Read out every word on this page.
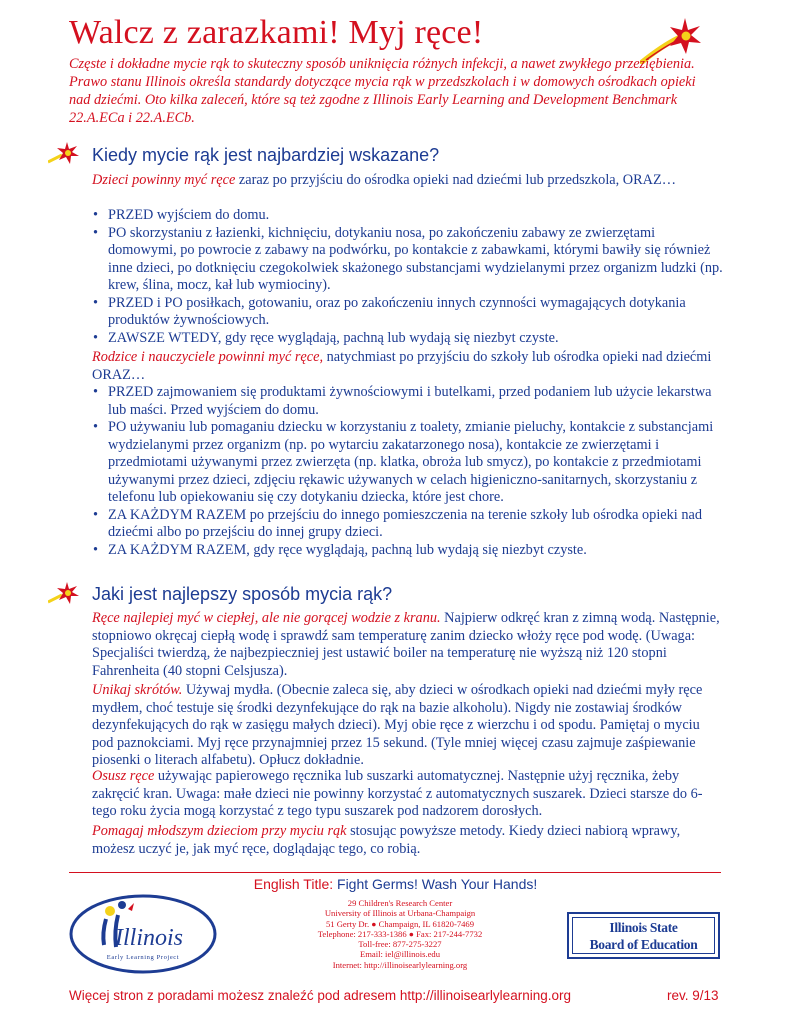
Walcz z zarazkami! Myj ręce!

Częste i dokładne mycie rąk to skuteczny sposób uniknięcia różnych infekcji, a nawet zwykłego przeziębienia. Prawo stanu Illinois określa standardy dotyczące mycia rąk w przedszkolach i w domowych ośrodkach opieki nad dziećmi. Oto kilka zaleceń, które są też zgodne z Illinois Early Learning and Development Benchmark 22.A.ECa i 22.A.ECb.

Kiedy mycie rąk jest najbardziej wskazane?

Dzieci powinny myć ręce zaraz po przyjściu do ośrodka opieki nad dziećmi lub przedszkola, ORAZ…

• PRZED wyjściem do domu.
• PO skorzystaniu z łazienki, kichnięciu, dotykaniu nosa, po zakończeniu zabawy ze zwierzętami domowymi, po powrocie z zabawy na podwórku, po kontakcie z zabawkami, którymi bawiły się również inne dzieci, po dotknięciu czegokolwiek skażonego substancjami wydzielanymi przez organizm ludzki (np. krew, ślina, mocz, kał lub wymiociny).
• PRZED i PO posiłkach, gotowaniu, oraz po zakończeniu innych czynności wymagających dotykania produktów żywnościowych.
• ZAWSZE WTEDY, gdy ręce wyglądają, pachną lub wydają się niezbyt czyste.

Rodzice i nauczyciele powinni myć ręce, natychmiast po przyjściu do szkoły lub ośrodka opieki nad dziećmi ORAZ…

• PRZED zajmowaniem się produktami żywnościowymi i butelkami, przed podaniem lub użycie lekarstwa lub maści. Przed wyjściem do domu.
• PO używaniu lub pomaganiu dziecku w korzystaniu z toalety, zmianie pieluchy, kontakcie z substancjami wydzielanymi przez organizm (np. po wytarciu zakatarzonego nosa), kontakcie ze zwierzętami i przedmiotami używanymi przez zwierzęta (np. klatka, obroża lub smycz), po kontakcie z przedmiotami używanymi przez dzieci, zdjęciu rękawic używanych w celach higieniczno-sanitarnych, skorzystaniu z telefonu lub opiekowaniu się czy dotykaniu dziecka, które jest chore.
• ZA KAŻDYM RAZEM po przejściu do innego pomieszczenia na terenie szkoły lub ośrodka opieki nad dziećmi albo po przejściu do innej grupy dzieci.
• ZA KAŻDYM RAZEM, gdy ręce wyglądają, pachną lub wydają się niezbyt czyste.
Jaki jest najlepszy sposób mycia rąk?

Ręce najlepiej myć w ciepłej, ale nie gorącej wodzie z kranu. Najpierw odkręć kran z zimną wodą. Następnie, stopniowo okręcaj ciepłą wodę i sprawdź sam temperaturę zanim dziecko włoży ręce pod wodę. (Uwaga: Specjaliści twierdzą, że najbezpieczniej jest ustawić boiler na temperaturę nie wyższą niż 120 stopni Fahrenheita (40 stopni Celsjusza).

Unikaj skrótów. Używaj mydła. (Obecnie zaleca się, aby dzieci w ośrodkach opieki nad dziećmi myły ręce mydłem, choć testuje się środki dezynfekujące do rąk na bazie alkoholu). Nigdy nie zostawiaj środków dezynfekujących do rąk w zasięgu małych dzieci). Myj obie ręce z wierzchu i od spodu. Pamiętaj o myciu pod paznokciami. Myj ręce przynajmniej przez 15 sekund. (Tyle mniej więcej czasu zajmuje zaśpiewanie piosenki o literach alfabetu). Opłucz dokładnie.

Osusz ręce używając papierowego ręcznika lub suszarki automatycznej. Następnie użyj ręcznika, żeby zakręcić kran. Uwaga: małe dzieci nie powinny korzystać z automatycznych suszarek. Dzieci starsze do 6-tego roku życia mogą korzystać z tego typu suszarek pod nadzorem dorosłych.

Pomagaj młodszym dzieciom przy myciu rąk stosując powyższe metody. Kiedy dzieci nabiorą wprawy, możesz uczyć je, jak myć ręce, doglądając tego, co robią.

English Title: Fight Germs! Wash Your Hands!
Illinois
Early Learning Project
29 Children's Research Center
University of Illinois at Urbana-Champaign
51 Gerty Dr. ● Champaign, IL 61820-7469
Telephone: 217-333-1386 ● Fax: 217-244-7732
Toll-free: 877-275-3227
Email: iel@illinois.edu
Internet: http://illinoisearlylearning.org
Illinois State
Board of Education
Więcej stron z poradami możesz znaleźć pod adresem http://illinoisearlylearning.org	rev. 9/13
